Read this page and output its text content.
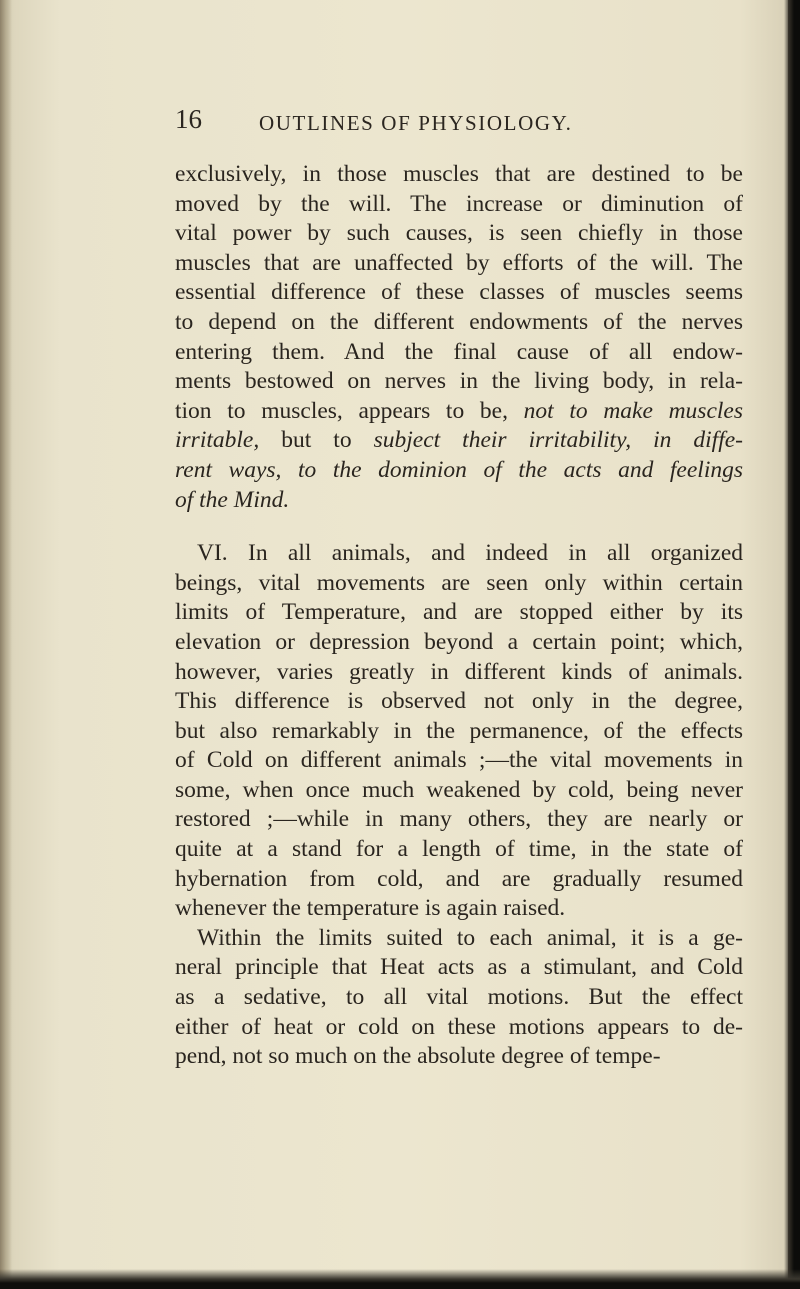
16	OUTLINES OF PHYSIOLOGY.
exclusively, in those muscles that are destined to be
moved by the will. The increase or diminution of
vital power by such causes, is seen chiefly in those
muscles that are unaffected by efforts of the will. The
essential difference of these classes of muscles seems
to depend on the different endowments of the nerves
entering them. And the final cause of all endow-
ments bestowed on nerves in the living body, in rela-
tion to muscles, appears to be, not to make muscles
irritable, but to subject their irritability, in diffe-
rent ways, to the dominion of the acts and feelings
of the Mind.
VI. In all animals, and indeed in all organized
beings, vital movements are seen only within certain
limits of Temperature, and are stopped either by its
elevation or depression beyond a certain point; which,
however, varies greatly in different kinds of animals.
This difference is observed not only in the degree,
but also remarkably in the permanence, of the effects
of Cold on different animals ;—the vital movements in
some, when once much weakened by cold, being never
restored ;—while in many others, they are nearly or
quite at a stand for a length of time, in the state of
hybernation from cold, and are gradually resumed
whenever the temperature is again raised.
Within the limits suited to each animal, it is a ge-
neral principle that Heat acts as a stimulant, and Cold
as a sedative, to all vital motions. But the effect
either of heat or cold on these motions appears to de-
pend, not so much on the absolute degree of tempe-
